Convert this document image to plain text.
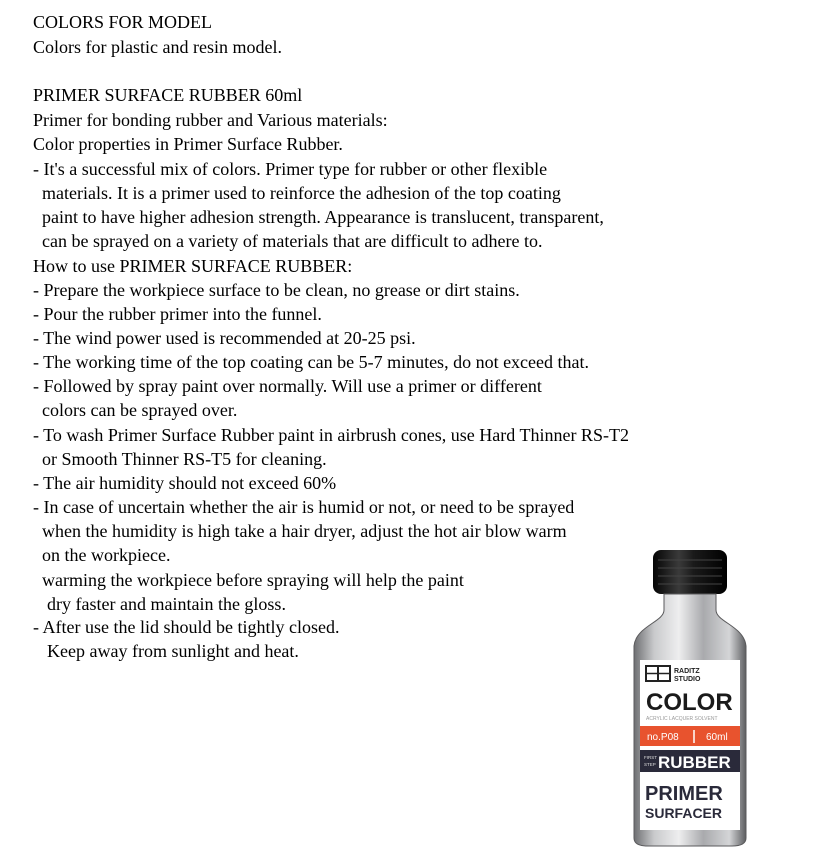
COLORS FOR MODEL
Colors for plastic and resin model.
PRIMER SURFACE RUBBER 60ml
Primer for bonding rubber and Various materials:
Color properties in Primer Surface Rubber.
- It's a successful mix of colors. Primer type for rubber or other flexible
materials. It is a primer used to reinforce the adhesion of the top coating
paint to have higher adhesion strength. Appearance is translucent, transparent,
can be sprayed on a variety of materials that are difficult to adhere to.
How to use PRIMER SURFACE RUBBER:
- Prepare the workpiece surface to be clean, no grease or dirt stains.
- Pour the rubber primer into the funnel.
- The wind power used is recommended at 20-25 psi.
- The working time of the top coating can be 5-7 minutes, do not exceed that.
- Followed by spray paint over normally. Will use a primer or different
colors can be sprayed over.
- To wash Primer Surface Rubber paint in airbrush cones, use Hard Thinner RS-T2
or Smooth Thinner RS-T5 for cleaning.
- The air humidity should not exceed 60%
- In case of uncertain whether the air is humid or not, or need to be sprayed
when the humidity is high take a hair dryer, adjust the hot air blow warm
on the workpiece.
warming the workpiece before spraying will help the paint
dry faster and maintain the gloss.
- After use the lid should be tightly closed.
Keep away from sunlight and heat.
RADITZ
STUDIO
COLOR
ACRYLIC LACQUER SOLVENT
no.P08	60ml
FIRST
STEP RUBBER
PRIMER
SURFACER
